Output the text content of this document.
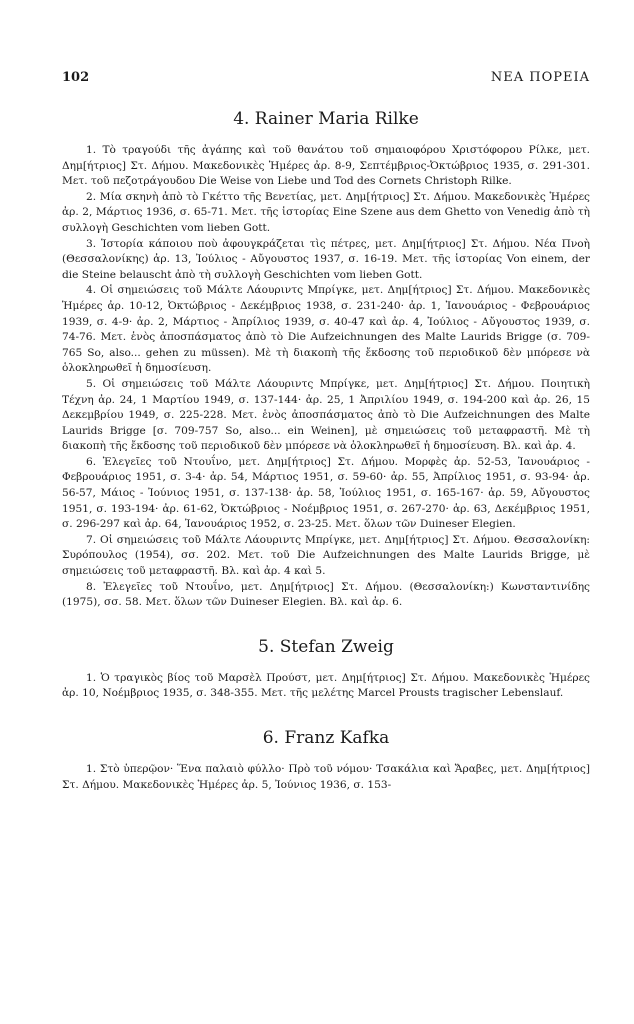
102	ΝΕΑ ΠΟΡΕΙΑ
4. Rainer Maria Rilke

1. Τὸ τραγούδι τῆς ἀγάπης καὶ τοῦ θανάτου τοῦ σημαιοφόρου Χριστόφορου Ρίλκε, μετ. Δημ[ήτριος] Στ. Δήμου. Μακεδονικὲς Ἡμέρες ἀρ. 8-9, Σεπτέμβριος-Ὀκτώβριος 1935, σ. 291-301. Μετ. τοῦ πεζοτράγουδου Die Weise von Liebe und Tod des Cornets Christoph Rilke.

2. Μία σκηνὴ ἀπὸ τὸ Γκέττο τῆς Βενετίας, μετ. Δημ[ήτριος] Στ. Δήμου. Μακεδονικὲς Ἡμέρες ἀρ. 2, Μάρτιος 1936, σ. 65-71. Μετ. τῆς ἱστορίας Eine Szene aus dem Ghetto von Venedig ἀπὸ τὴ συλλογὴ Geschichten vom lieben Gott.

3. Ἱστορία κάποιου ποὺ ἀφουγκράζεται τὶς πέτρες, μετ. Δημ[ήτριος] Στ. Δήμου. Νέα Πνοὴ (Θεσσαλονίκης) ἀρ. 13, Ἰούλιος - Αὔγουστος 1937, σ. 16-19. Μετ. τῆς ἱστορίας Von einem, der die Steine belauscht ἀπὸ τὴ συλλογὴ Geschichten vom lieben Gott.

4. Οἱ σημειώσεις τοῦ Μάλτε Λάουριντς Μπρίγκε, μετ. Δημ[ήτριος] Στ. Δήμου. Μακεδονικὲς Ἡμέρες ἀρ. 10-12, Ὀκτώβριος - Δεκέμβριος 1938, σ. 231-240· ἀρ. 1, Ἰανουάριος - Φεβρουάριος 1939, σ. 4-9· ἀρ. 2, Μάρτιος - Ἀπρίλιος 1939, σ. 40-47 καὶ ἀρ. 4, Ἰούλιος - Αὔγουστος 1939, σ. 74-76. Μετ. ἑνὸς ἀποσπάσματος ἀπὸ τὸ Die Aufzeichnungen des Malte Laurids Brigge (σ. 709-765 So, also... gehen zu müssen). Μὲ τὴ διακοπὴ τῆς ἔκδοσης τοῦ περιοδικοῦ δὲν μπόρεσε νὰ ὁλοκληρωθεῖ ἡ δημοσίευση.

5. Οἱ σημειώσεις τοῦ Μάλτε Λάουριντς Μπρίγκε, μετ. Δημ[ήτριος] Στ. Δήμου. Ποιητικὴ Τέχνη ἀρ. 24, 1 Μαρτίου 1949, σ. 137-144· ἀρ. 25, 1 Ἀπριλίου 1949, σ. 194-200 καὶ ἀρ. 26, 15 Δεκεμβρίου 1949, σ. 225-228. Μετ. ἑνὸς ἀποσπάσματος ἀπὸ τὸ Die Aufzeichnungen des Malte Laurids Brigge [σ. 709-757 So, also... ein Weinen], μὲ σημειώσεις τοῦ μεταφραστῆ. Μὲ τὴ διακοπὴ τῆς ἔκδοσης τοῦ περιοδικοῦ δὲν μπόρεσε νὰ ὁλοκληρωθεῖ ἡ δημοσίευση. Βλ. καὶ ἀρ. 4.

6. Ἐλεγεῖες τοῦ Ντουΐνο, μετ. Δημ[ήτριος] Στ. Δήμου. Μορφὲς ἀρ. 52-53, Ἰανουάριος - Φεβρουάριος 1951, σ. 3-4· ἀρ. 54, Μάρτιος 1951, σ. 59-60· ἀρ. 55, Ἀπρίλιος 1951, σ. 93-94· ἀρ. 56-57, Μάιος - Ἰούνιος 1951, σ. 137-138· ἀρ. 58, Ἰούλιος 1951, σ. 165-167· ἀρ. 59, Αὔγουστος 1951, σ. 193-194· ἀρ. 61-62, Ὀκτώβριος - Νοέμβριος 1951, σ. 267-270· ἀρ. 63, Δεκέμβριος 1951, σ. 296-297 καὶ ἀρ. 64, Ἰανουάριος 1952, σ. 23-25. Μετ. ὅλων τῶν Duineser Elegien.

7. Οἱ σημειώσεις τοῦ Μάλτε Λάουριντς Μπρίγκε, μετ. Δημ[ήτριος] Στ. Δήμου. Θεσσαλονίκη: Συρόπουλος (1954), σσ. 202. Μετ. τοῦ Die Aufzeichnungen des Malte Laurids Brigge, μὲ σημειώσεις τοῦ μεταφραστῆ. Βλ. καὶ ἀρ. 4 καὶ 5.

8. Ἐλεγεῖες τοῦ Ντουΐνο, μετ. Δημ[ήτριος] Στ. Δήμου. (Θεσσαλονίκη:) Κωνσταντινίδης (1975), σσ. 58. Μετ. ὅλων τῶν Duineser Elegien. Βλ. καὶ ἀρ. 6.

5. Stefan Zweig

1. Ὁ τραγικὸς βίος τοῦ Μαρσὲλ Προύστ, μετ. Δημ[ήτριος] Στ. Δήμου. Μακεδονικὲς Ἡμέρες ἀρ. 10, Νοέμβριος 1935, σ. 348-355. Μετ. τῆς μελέτης Marcel Prousts tragischer Lebenslauf.

6. Franz Kafka

1. Στὸ ὑπερῷον· Ἕνα παλαιὸ φύλλο· Πρὸ τοῦ νόμου· Τσακάλια καὶ Ἄραβες, μετ. Δημ[ήτριος] Στ. Δήμου. Μακεδονικὲς Ἡμέρες ἀρ. 5, Ἰούνιος 1936, σ. 153-
